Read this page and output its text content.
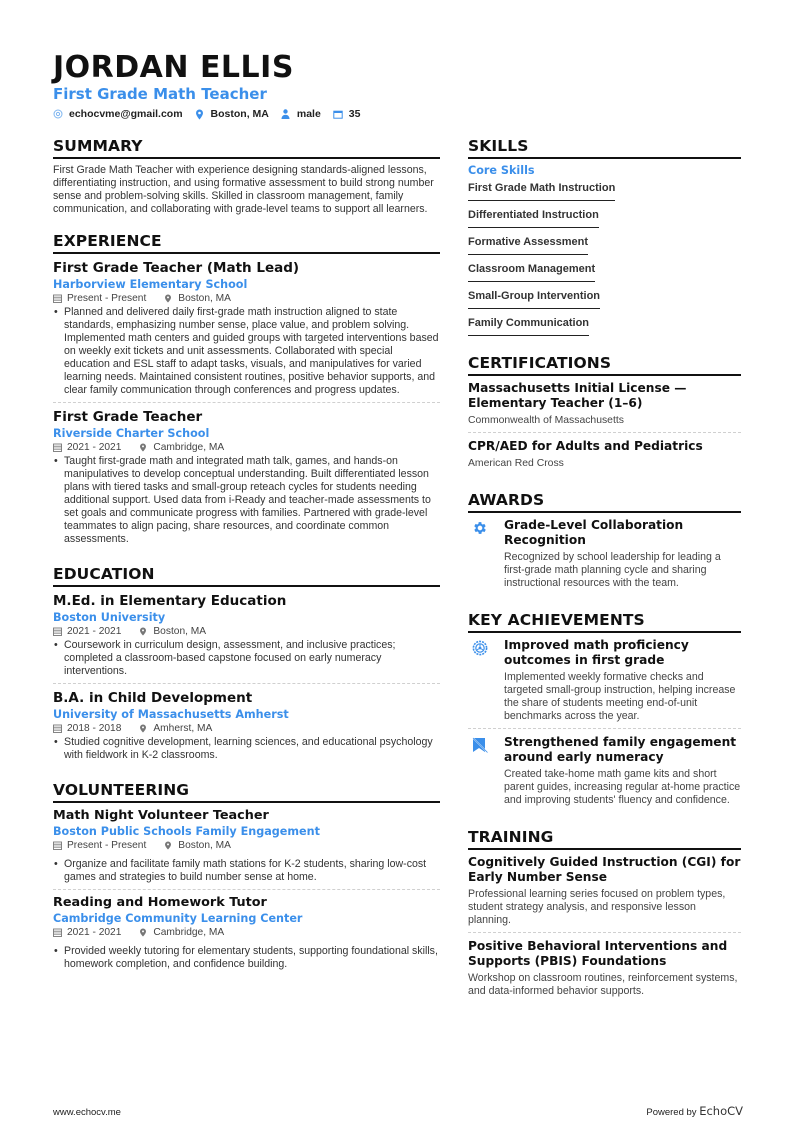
JORDAN ELLIS
First Grade Math Teacher
echocvme@gmail.com	Boston, MA	male	35
SUMMARY
First Grade Math Teacher with experience designing standards-aligned lessons, differentiating instruction, and using formative assessment to build strong number sense and problem-solving skills. Skilled in classroom management, family communication, and collaborating with grade-level teams to support all learners.
EXPERIENCE
First Grade Teacher (Math Lead)
Harborview Elementary School
Present - Present	Boston, MA
• Planned and delivered daily first-grade math instruction aligned to state standards, emphasizing number sense, place value, and problem solving. Implemented math centers and guided groups with targeted interventions based on weekly exit tickets and unit assessments. Collaborated with special education and ESL staff to adapt tasks, visuals, and manipulatives for varied learning needs. Maintained consistent routines, positive behavior supports, and clear family communication through conferences and progress updates.
First Grade Teacher
Riverside Charter School
2021 - 2021	Cambridge, MA
• Taught first-grade math and integrated math talk, games, and hands-on manipulatives to develop conceptual understanding. Built differentiated lesson plans with tiered tasks and small-group reteach cycles for students needing additional support. Used data from i-Ready and teacher-made assessments to set goals and communicate progress with families. Partnered with grade-level teammates to align pacing, share resources, and coordinate common assessments.
EDUCATION
M.Ed. in Elementary Education
Boston University
2021 - 2021	Boston, MA
• Coursework in curriculum design, assessment, and inclusive practices; completed a classroom-based capstone focused on early numeracy interventions.
B.A. in Child Development
University of Massachusetts Amherst
2018 - 2018	Amherst, MA
• Studied cognitive development, learning sciences, and educational psychology with fieldwork in K-2 classrooms.
VOLUNTEERING
Math Night Volunteer Teacher
Boston Public Schools Family Engagement
Present - Present	Boston, MA
• Organize and facilitate family math stations for K-2 students, sharing low-cost games and strategies to build number sense at home.
Reading and Homework Tutor
Cambridge Community Learning Center
2021 - 2021	Cambridge, MA
• Provided weekly tutoring for elementary students, supporting foundational skills, homework completion, and confidence building.
SKILLS
Core Skills
First Grade Math Instruction
Differentiated Instruction
Formative Assessment
Classroom Management
Small-Group Intervention
Family Communication
CERTIFICATIONS
Massachusetts Initial License — Elementary Teacher (1–6)
Commonwealth of Massachusetts
CPR/AED for Adults and Pediatrics
American Red Cross
AWARDS
Grade-Level Collaboration Recognition
Recognized by school leadership for leading a first-grade math planning cycle and sharing instructional resources with the team.
KEY ACHIEVEMENTS
Improved math proficiency outcomes in first grade
Implemented weekly formative checks and targeted small-group instruction, helping increase the share of students meeting end-of-unit benchmarks across the year.
Strengthened family engagement around early numeracy
Created take-home math game kits and short parent guides, increasing regular at-home practice and improving students' fluency and confidence.
TRAINING
Cognitively Guided Instruction (CGI) for Early Number Sense
Professional learning series focused on problem types, student strategy analysis, and responsive lesson planning.
Positive Behavioral Interventions and Supports (PBIS) Foundations
Workshop on classroom routines, reinforcement systems, and data-informed behavior supports.
www.echocv.me	Powered by EchoCV
